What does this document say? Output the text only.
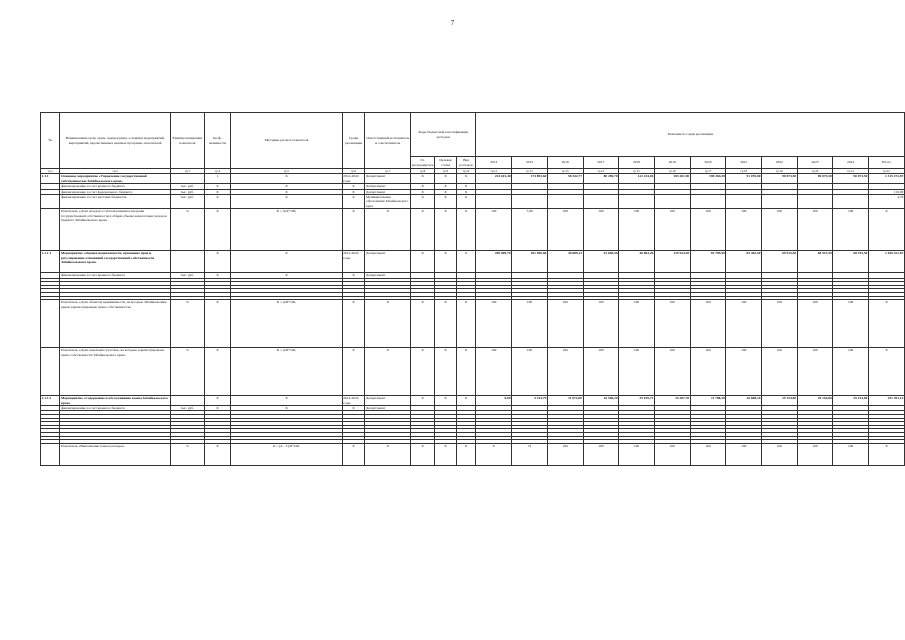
7
№	Наименование цели, задач, подпрограмм, основных мероприятий, мероприятий, ведомственных целевых программ, показателей	Единица измерения показателя	Коэф. значимости	Методика расчета показателя	Сроки реализации	Ответственный исполнитель и соисполнитель	Коды бюджетной классификации расходов			Значения по годам реализации											
							Гл. распорядитель	Целевая статья	Вид расходов	2014	2015	2016	2017	2018	2019	2020	2021	2022	2023	2024	Итого
гр.1	гр.2	гр.3	гр.4	гр.5	гр.6	гр.7	гр.8	гр.9	гр.10	гр.11	гр.12	гр.13	гр.14	гр.15	гр.16	гр.17	гр.18	гр.19	гр.20	гр.21	гр.22
1.1.1	Основное мероприятие «Управление государственной собственностью Забайкальского края»		1	X	2014-2024 годы	Департамент	X	X	X	224 615,40	174 893,60	58 542,77	80 290,70	122 234,04	103 201,90	190 284,30	91 070,00	90 073,50	90 073,50	90 073,50	1 315 272,87
	финансирование за счет краевого бюджета	тыс. руб.	X	X	X	Департамент	X	X	X												
	финансирование за счет федерального бюджета	тыс. руб.	X	X	X	Департамент	X	X	X												119,90
	финансирование за счет местных бюджетов	тыс. руб.	X	X	X	Муниципальные образования Забайкальского края	X	X	X												4,76
	Показатель «Доля доходов от использования и продажи государственной собственности в общем объеме неналоговых доходов бюджета Забайкальского края»	%	X	К = Д/Д*100,	X	X	X	X	X	100	7,99	100	100	100	100	100	100	100	100	100	X
1.1.1.1	Мероприятие «Оценка недвижимости, признание прав и регулирование отношений государственной собственности Забайкальского края»		X	X	2014-2024 годы	Департамент	X	X	X	209 809,70	181 096,86	30 889,13	61 696,56	46 863,20	129 924,20	81 785,90	83 402,50	69 915,50	68 915,50	68 915,50	1 049 421,87
	финансирование за счет краевого бюджета	тыс. руб.	X	X	X	Департамент															

	Показатель «Доля объектов недвижимости, на которые Забайкальским краем зарегистрировано право собственности»	%	X	К = А/Б*100,	X	X	X	X	X	100	100	100	100	100	100	100	100	100	100	100	X
	Показатель «Доля земельных участков, на которые зарегистрировано право собственности Забайкальского края»	%	X	К = А/Б*100,	X	X	X	X	X	100	100	100	100	100	100	100	100	100	100	100	X
1.1.1.2	Мероприятие «Содержание и обслуживание казны Забайкальского края»		X	X	2014-2024 годы	Департамент	X	X	X	0,00	5 414,79	11 072,00	16 596,20	25 019,71	33 287,70	11 788,30	20 608,10	29 154,00	29 154,00	29 154,00	251 491,14
	финансирование за счет краевого бюджета	тыс. руб.	X	X	X	Департамент															

	Показатель «Выполнение плана расходов»	%	X	К = (А - С)/Б*100,	X	X	X	X	X	X	74	100	100	100	100	100	100	100	100	100	X
